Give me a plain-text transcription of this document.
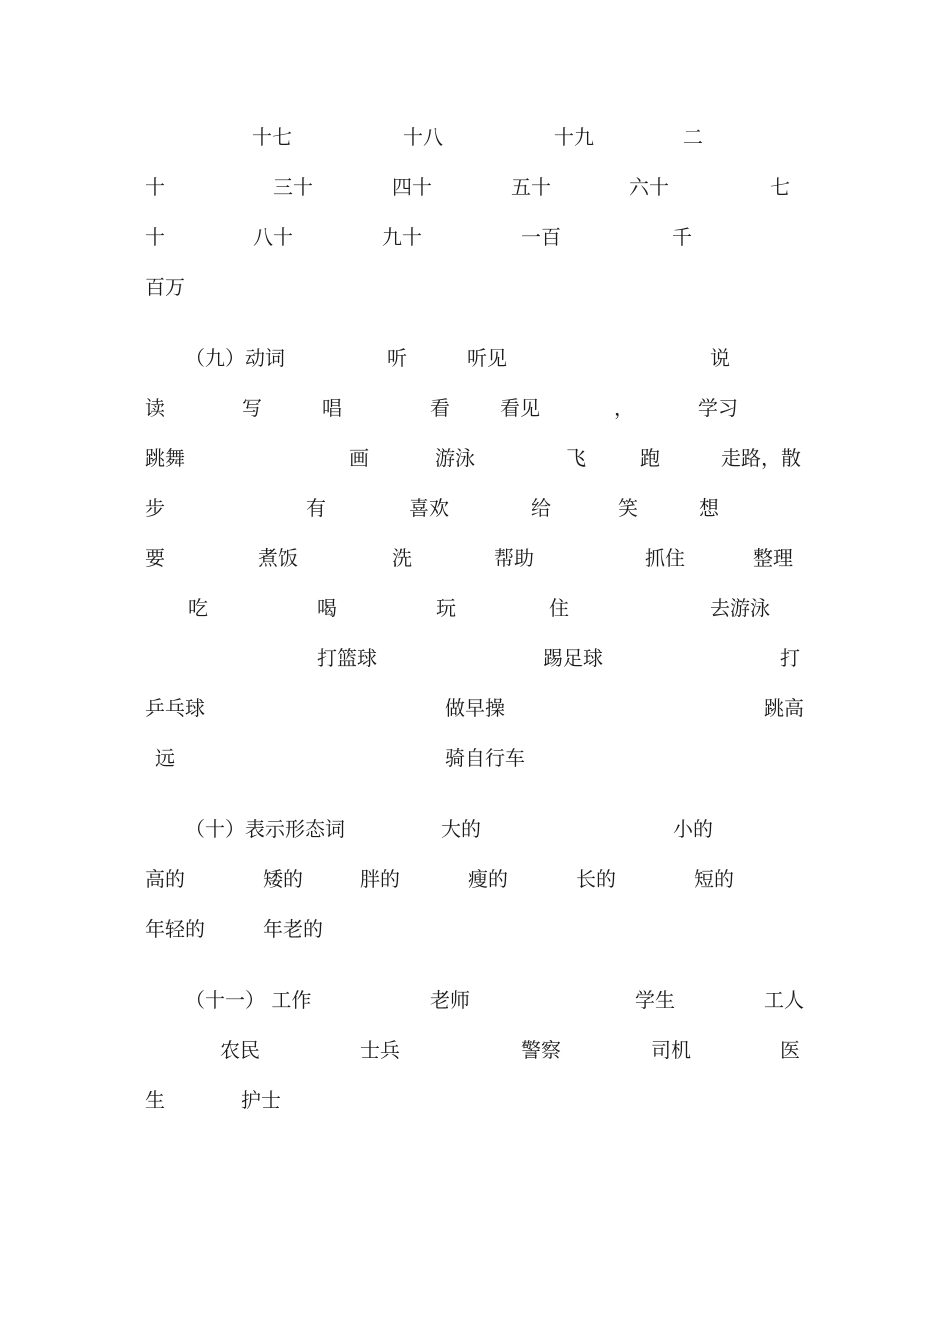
十七	十八	十九	二
十	三十	四十	五十	六十	七
十	八十	九十	一百	千
百万
（九）动词	听	听见	说
读	写	唱	看	看见	，	学习
跳舞	画	游泳	飞	跑	走路，散
步	有	喜欢	给	笑	想
要	煮饭	洗	帮助	抓住	整理
吃	喝	玩	住	去游泳
打篮球	踢足球	打
乒乓球	做早操	跳高
远	骑自行车
（十）表示形态词	大的	小的
高的	矮的	胖的	瘦的	长的	短的
年轻的	年老的
（十一） 工作	老师	学生	工人
农民	士兵	警察	司机	医
生	护士
